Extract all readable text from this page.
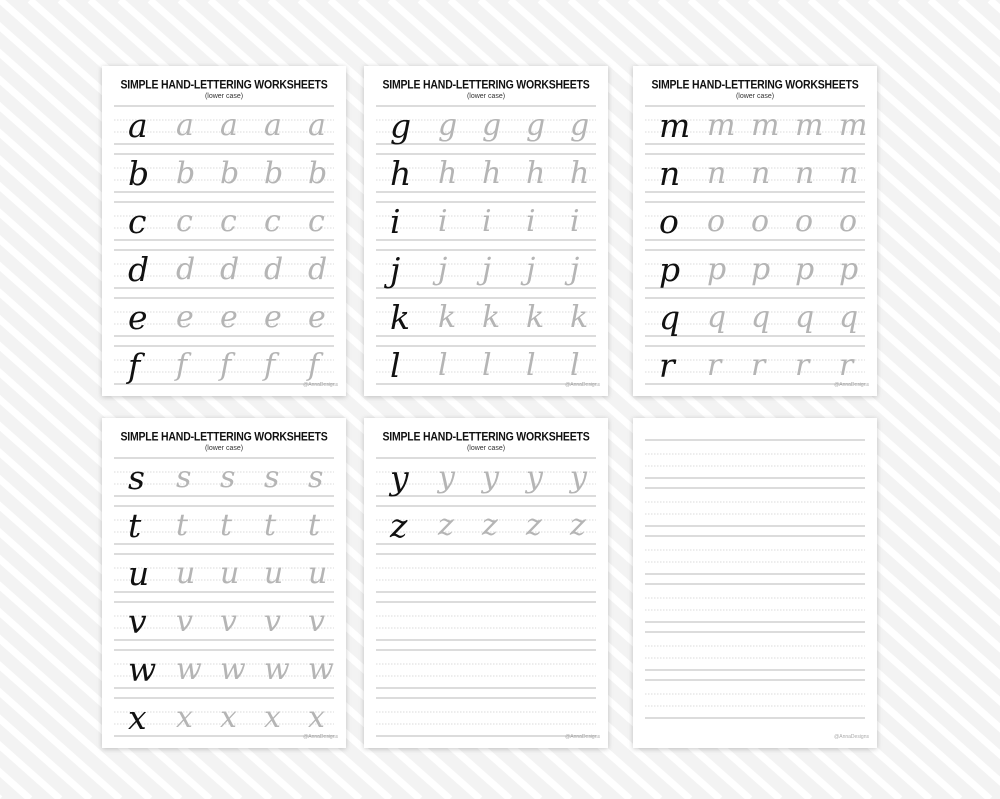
SIMPLE HAND-LETTERING WORKSHEETS
(lower case)
a a a a a
b b b b b
c c c c c
d d d d d
e e e e e
f f f f f
@AnnaDesigns
SIMPLE HAND-LETTERING WORKSHEETS
(lower case)
g g g g g
h h h h h
i i i i i
j j j j j
k k k k k
l l l l l
@AnnaDesigns
SIMPLE HAND-LETTERING WORKSHEETS
(lower case)
m m m m m
n n n n n
o o o o o
p p p p p
q q q q q
r r r r r
@AnnaDesigns
SIMPLE HAND-LETTERING WORKSHEETS
(lower case)
s s s s s
t t t t t
u u u u u
v v v v v
w w w w w
x x x x x
@AnnaDesigns
SIMPLE HAND-LETTERING WORKSHEETS
(lower case)
y y y y y
z z z z z
@AnnaDesigns	@AnnaDesigns
